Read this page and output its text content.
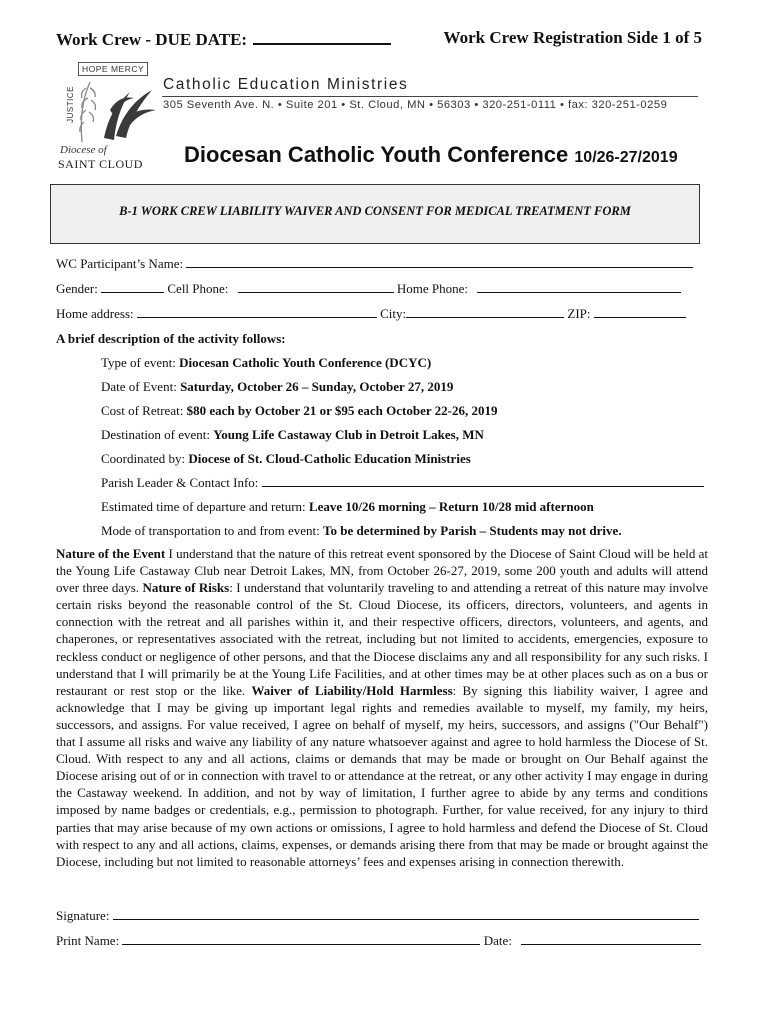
Work Crew - DUE DATE:	Work Crew Registration Side 1 of 5
HOPE MERCY
JUSTICE
Diocese of
SAINT CLOUD
Catholic Education Ministries
305 Seventh Ave. N. • Suite 201 • St. Cloud, MN • 56303 • 320-251-0111 • fax: 320-251-0259
Diocesan Catholic Youth Conference 10/26-27/2019
B-1 WORK CREW LIABILITY WAIVER AND CONSENT FOR MEDICAL TREATMENT FORM
WC Participant’s Name:
Gender:	Cell Phone:	Home Phone:
Home address:	City:	ZIP:
A brief description of the activity follows:
Type of event: Diocesan Catholic Youth Conference (DCYC)
Date of Event: Saturday, October 26 – Sunday, October 27, 2019
Cost of Retreat: $80 each by October 21 or $95 each October 22-26, 2019
Destination of event: Young Life Castaway Club in Detroit Lakes, MN
Coordinated by: Diocese of St. Cloud-Catholic Education Ministries
Parish Leader & Contact Info:
Estimated time of departure and return: Leave 10/26 morning – Return 10/28 mid afternoon
Mode of transportation to and from event: To be determined by Parish – Students may not drive.
Nature of the Event I understand that the nature of this retreat event sponsored by the Diocese of Saint Cloud will be held at the Young Life Castaway Club near Detroit Lakes, MN, from October 26-27, 2019, some 200 youth and adults will attend over three days. Nature of Risks: I understand that voluntarily traveling to and attending a retreat of this nature may involve certain risks beyond the reasonable control of the St. Cloud Diocese, its officers, directors, volunteers, and agents in connection with the retreat and all parishes within it, and their respective officers, directors, volunteers, and agents, and chaperones, or representatives associated with the retreat, including but not limited to accidents, emergencies, exposure to reckless conduct or negligence of other persons, and that the Diocese disclaims any and all responsibility for any such risks. I understand that I will primarily be at the Young Life Facilities, and at other times may be at other places such as on a bus or restaurant or rest stop or the like. Waiver of Liability/Hold Harmless: By signing this liability waiver, I agree and acknowledge that I may be giving up important legal rights and remedies available to myself, my family, my heirs, successors, and assigns. For value received, I agree on behalf of myself, my heirs, successors, and assigns ("Our Behalf") that I assume all risks and waive any liability of any nature whatsoever against and agree to hold harmless the Diocese of St. Cloud. With respect to any and all actions, claims or demands that may be made or brought on Our Behalf against the Diocese arising out of or in connection with travel to or attendance at the retreat, or any other activity I may engage in during the Castaway weekend. In addition, and not by way of limitation, I further agree to abide by any terms and conditions imposed by name badges or credentials, e.g., permission to photograph. Further, for value received, for any injury to third parties that may arise because of my own actions or omissions, I agree to hold harmless and defend the Diocese of St. Cloud with respect to any and all actions, claims, expenses, or demands arising there from that may be made or brought against the Diocese, including but not limited to reasonable attorneys’ fees and expenses arising in connection therewith.
Signature:
Print Name:	Date:
